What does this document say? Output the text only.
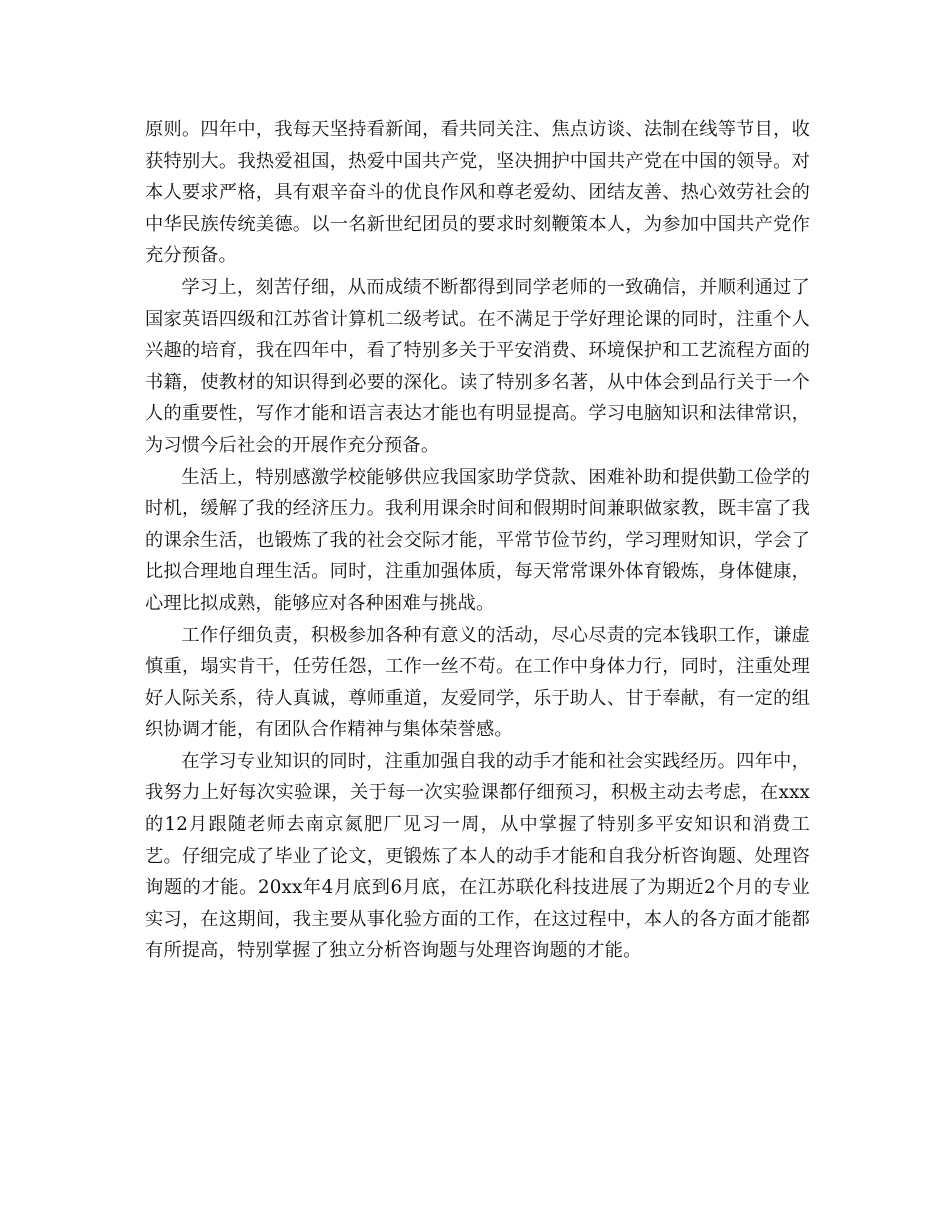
原则。四年中，我每天坚持看新闻，看共同关注、焦点访谈、法制在线等节目，收获特别大。我热爱祖国，热爱中国共产党，坚决拥护中国共产党在中国的领导。对本人要求严格，具有艰辛奋斗的优良作风和尊老爱幼、团结友善、热心效劳社会的中华民族传统美德。以一名新世纪团员的要求时刻鞭策本人，为参加中国共产党作充分预备。

学习上，刻苦仔细，从而成绩不断都得到同学老师的一致确信，并顺利通过了国家英语四级和江苏省计算机二级考试。在不满足于学好理论课的同时，注重个人兴趣的培育，我在四年中，看了特别多关于平安消费、环境保护和工艺流程方面的书籍，使教材的知识得到必要的深化。读了特别多名著，从中体会到品行关于一个人的重要性，写作才能和语言表达才能也有明显提高。学习电脑知识和法律常识，为习惯今后社会的开展作充分预备。

生活上，特别感激学校能够供应我国家助学贷款、困难补助和提供勤工俭学的时机，缓解了我的经济压力。我利用课余时间和假期时间兼职做家教，既丰富了我的课余生活，也锻炼了我的社会交际才能，平常节俭节约，学习理财知识，学会了比拟合理地自理生活。同时，注重加强体质，每天常常课外体育锻炼，身体健康，心理比拟成熟，能够应对各种困难与挑战。

工作仔细负责，积极参加各种有意义的活动，尽心尽责的完本钱职工作，谦虚慎重，塌实肯干，任劳任怨，工作一丝不苟。在工作中身体力行，同时，注重处理好人际关系，待人真诚，尊师重道，友爱同学，乐于助人、甘于奉献，有一定的组织协调才能，有团队合作精神与集体荣誉感。

在学习专业知识的同时，注重加强自我的动手才能和社会实践经历。四年中，我努力上好每次实验课，关于每一次实验课都仔细预习，积极主动去考虑，在xxx的12月跟随老师去南京氮肥厂见习一周，从中掌握了特别多平安知识和消费工艺。仔细完成了毕业了论文，更锻炼了本人的动手才能和自我分析咨询题、处理咨询题的才能。20xx年4月底到6月底，在江苏联化科技进展了为期近2个月的专业实习，在这期间，我主要从事化验方面的工作，在这过程中，本人的各方面才能都有所提高，特别掌握了独立分析咨询题与处理咨询题的才能。
